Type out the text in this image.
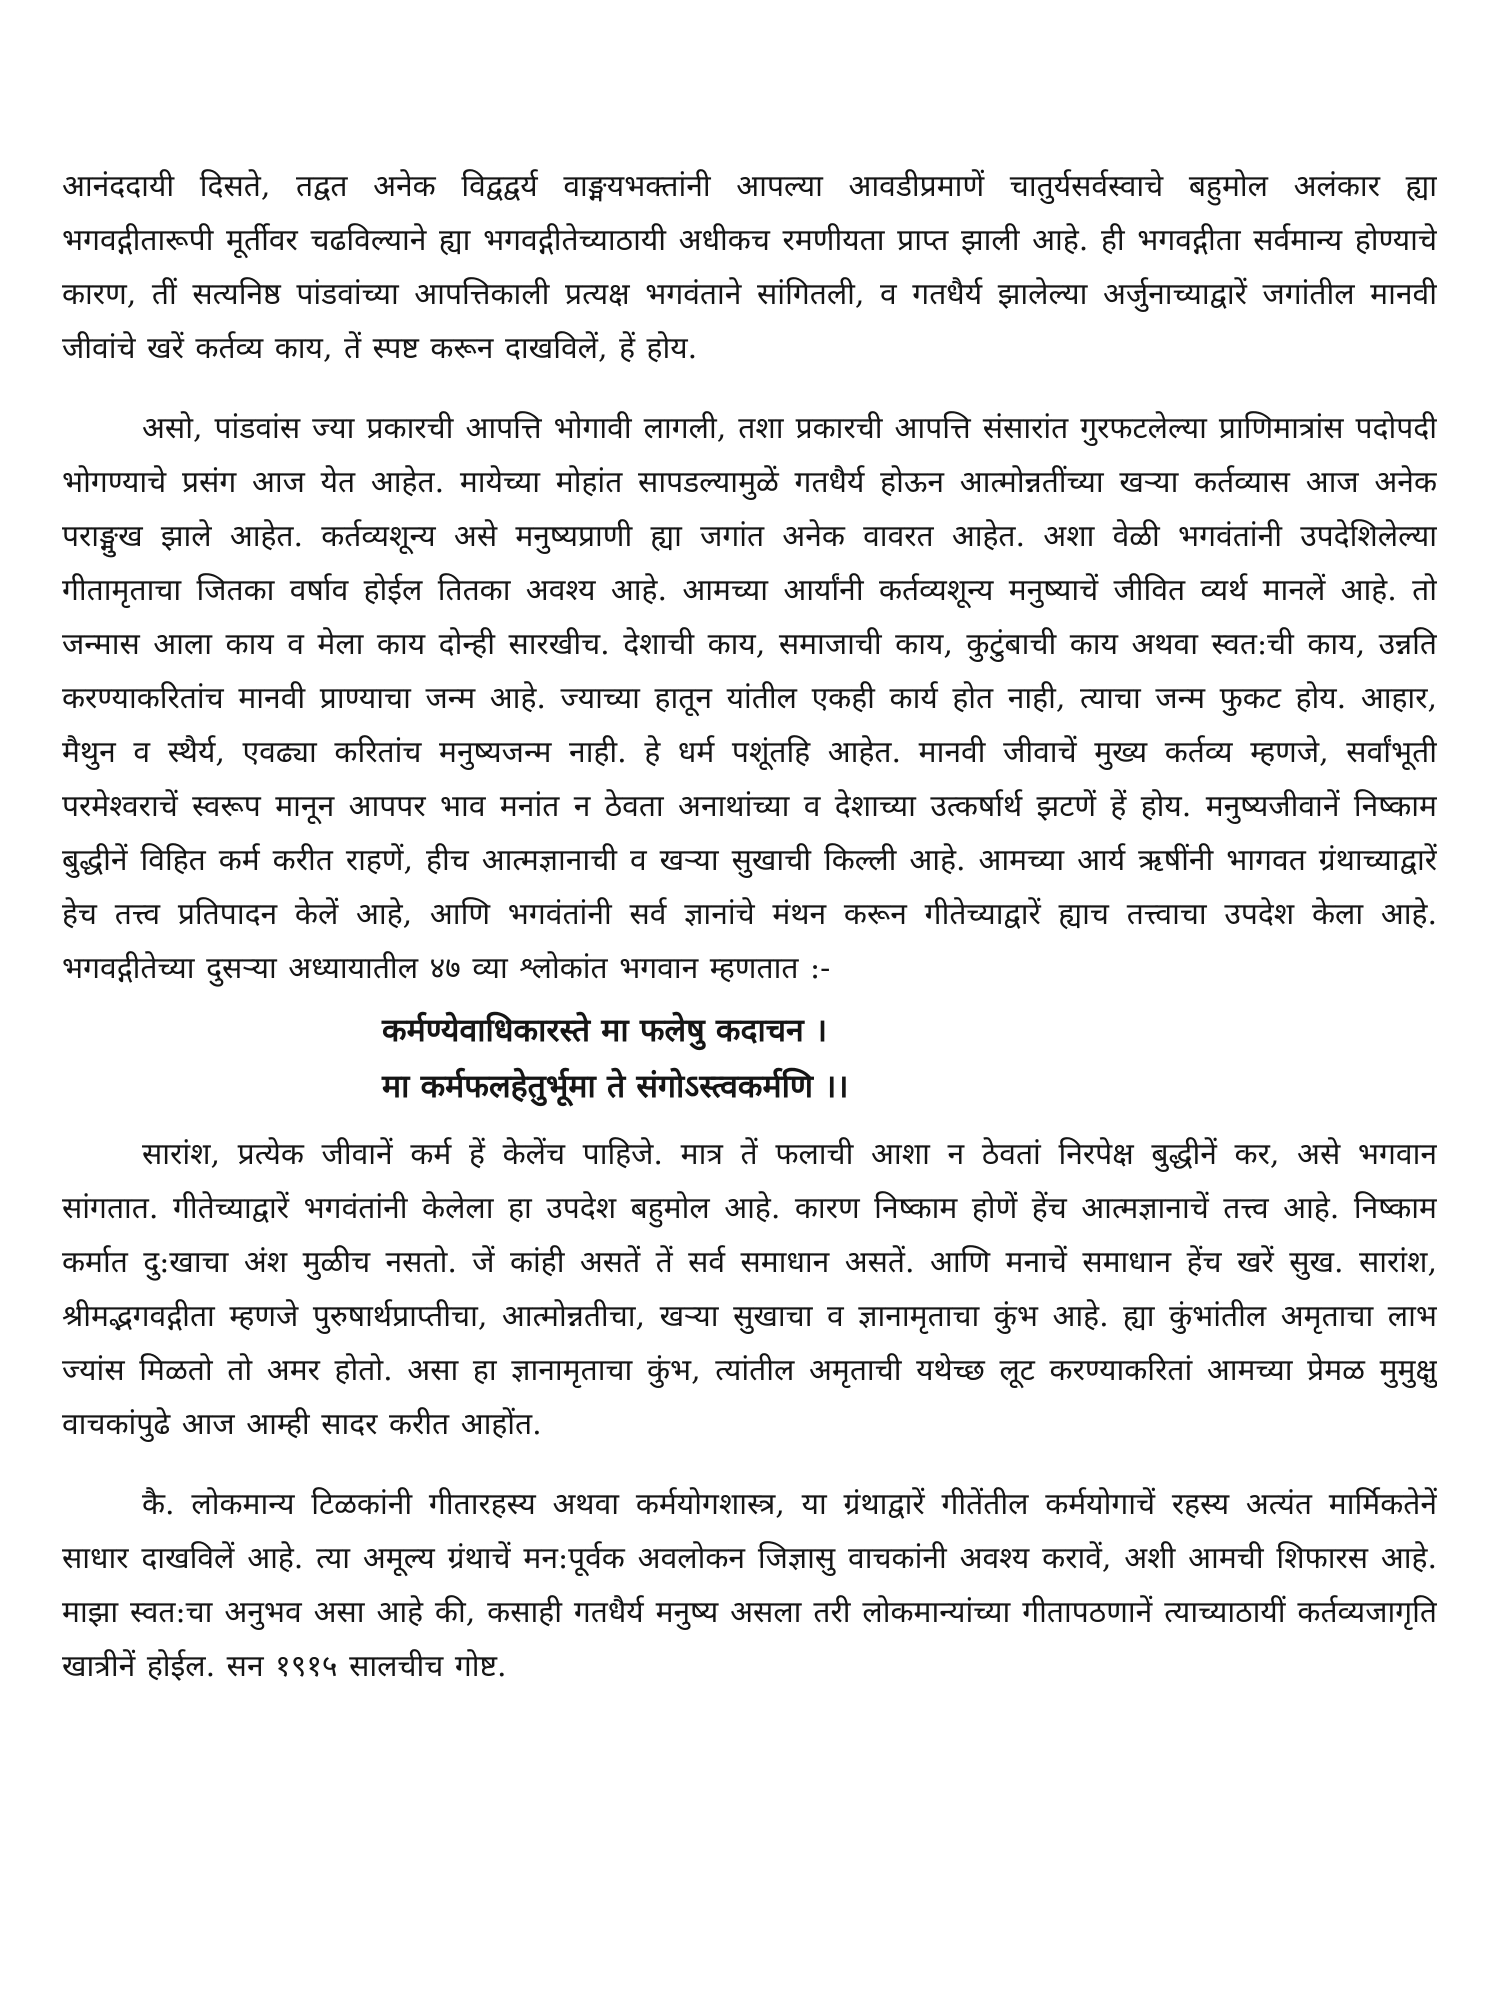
आनंददायी दिसते, तद्वत अनेक विद्वद्वर्य वाङ्मयभक्तांनी आपल्या आवडीप्रमाणें चातुर्यसर्वस्वाचे बहुमोल अलंकार ह्या भगवद्गीतारूपी मूर्तीवर चढविल्याने ह्या भगवद्गीतेच्याठायी अधीकच रमणीयता प्राप्त झाली आहे. ही भगवद्गीता सर्वमान्य होण्याचे कारण, तीं सत्यनिष्ठ पांडवांच्या आपत्तिकाली प्रत्यक्ष भगवंताने सांगितली, व गतधैर्य झालेल्या अर्जुनाच्याद्वारें जगांतील मानवी जीवांचे खरें कर्तव्य काय, तें स्पष्ट करून दाखविलें, हें होय.

असो, पांडवांस ज्या प्रकारची आपत्ति भोगावी लागली, तशा प्रकारची आपत्ति संसारांत गुरफटलेल्या प्राणिमात्रांस पदोपदी भोगण्याचे प्रसंग आज येत आहेत. मायेच्या मोहांत सापडल्यामुळें गतधैर्य होऊन आत्मोन्नतींच्या खऱ्या कर्तव्यास आज अनेक पराङ्मुख झाले आहेत. कर्तव्यशून्य असे मनुष्यप्राणी ह्या जगांत अनेक वावरत आहेत. अशा वेळी भगवंतांनी उपदेशिलेल्या गीतामृताचा जितका वर्षाव होईल तितका अवश्य आहे. आमच्या आर्यांनी कर्तव्यशून्य मनुष्याचें जीवित व्यर्थ मानलें आहे. तो जन्मास आला काय व मेला काय दोन्ही सारखीच. देशाची काय, समाजाची काय, कुटुंबाची काय अथवा स्वत:ची काय, उन्नति करण्याकरितांच मानवी प्राण्याचा जन्म आहे. ज्याच्या हातून यांतील एकही कार्य होत नाही, त्याचा जन्म फुकट होय. आहार, मैथुन व स्थैर्य, एवढ्या करितांच मनुष्यजन्म नाही. हे धर्म पशूंतहि आहेत. मानवी जीवाचें मुख्य कर्तव्य म्हणजे, सर्वांभूती परमेश्वराचें स्वरूप मानून आपपर भाव मनांत न ठेवता अनाथांच्या व देशाच्या उत्कर्षार्थ झटणें हें होय. मनुष्यजीवानें निष्काम बुद्धीनें विहित कर्म करीत राहणें, हीच आत्मज्ञानाची व खऱ्या सुखाची किल्ली आहे. आमच्या आर्य ऋषींनी भागवत ग्रंथाच्याद्वारें हेच तत्त्व प्रतिपादन केलें आहे, आणि भगवंतांनी सर्व ज्ञानांचे मंथन करून गीतेच्याद्वारें ह्याच तत्त्वाचा उपदेश केला आहे. भगवद्गीतेच्या दुसऱ्या अध्यायातील ४७ व्या श्लोकांत भगवान म्हणतात :-

कर्मण्येवाधिकारस्ते मा फलेषु कदाचन ।
मा कर्मफलहेतुर्भूमा ते संगोऽस्त्वकर्मणि ।।

सारांश, प्रत्येक जीवानें कर्म हें केलेंच पाहिजे. मात्र तें फलाची आशा न ठेवतां निरपेक्ष बुद्धीनें कर, असे भगवान सांगतात. गीतेच्याद्वारें भगवंतांनी केलेला हा उपदेश बहुमोल आहे. कारण निष्काम होणें हेंच आत्मज्ञानाचें तत्त्व आहे. निष्काम कर्मात दु:खाचा अंश मुळीच नसतो. जें कांही असतें तें सर्व समाधान असतें. आणि मनाचें समाधान हेंच खरें सुख. सारांश, श्रीमद्भगवद्गीता म्हणजे पुरुषार्थप्राप्तीचा, आत्मोन्नतीचा, खऱ्या सुखाचा व ज्ञानामृताचा कुंभ आहे. ह्या कुंभांतील अमृताचा लाभ ज्यांस मिळतो तो अमर होतो. असा हा ज्ञानामृताचा कुंभ, त्यांतील अमृताची यथेच्छ लूट करण्याकरितां आमच्या प्रेमळ मुमुक्षु वाचकांपुढे आज आम्ही सादर करीत आहोंत.

कै. लोकमान्य टिळकांनी गीतारहस्य अथवा कर्मयोगशास्त्र, या ग्रंथाद्वारें गीतेंतील कर्मयोगाचें रहस्य अत्यंत मार्मिकतेनें साधार दाखविलें आहे. त्या अमूल्य ग्रंथाचें मन:पूर्वक अवलोकन जिज्ञासु वाचकांनी अवश्य करावें, अशी आमची शिफारस आहे. माझा स्वत:चा अनुभव असा आहे की, कसाही गतधैर्य मनुष्य असला तरी लोकमान्यांच्या गीतापठणानें त्याच्याठायीं कर्तव्यजागृति खात्रीनें होईल. सन १९१५ सालचीच गोष्ट.
